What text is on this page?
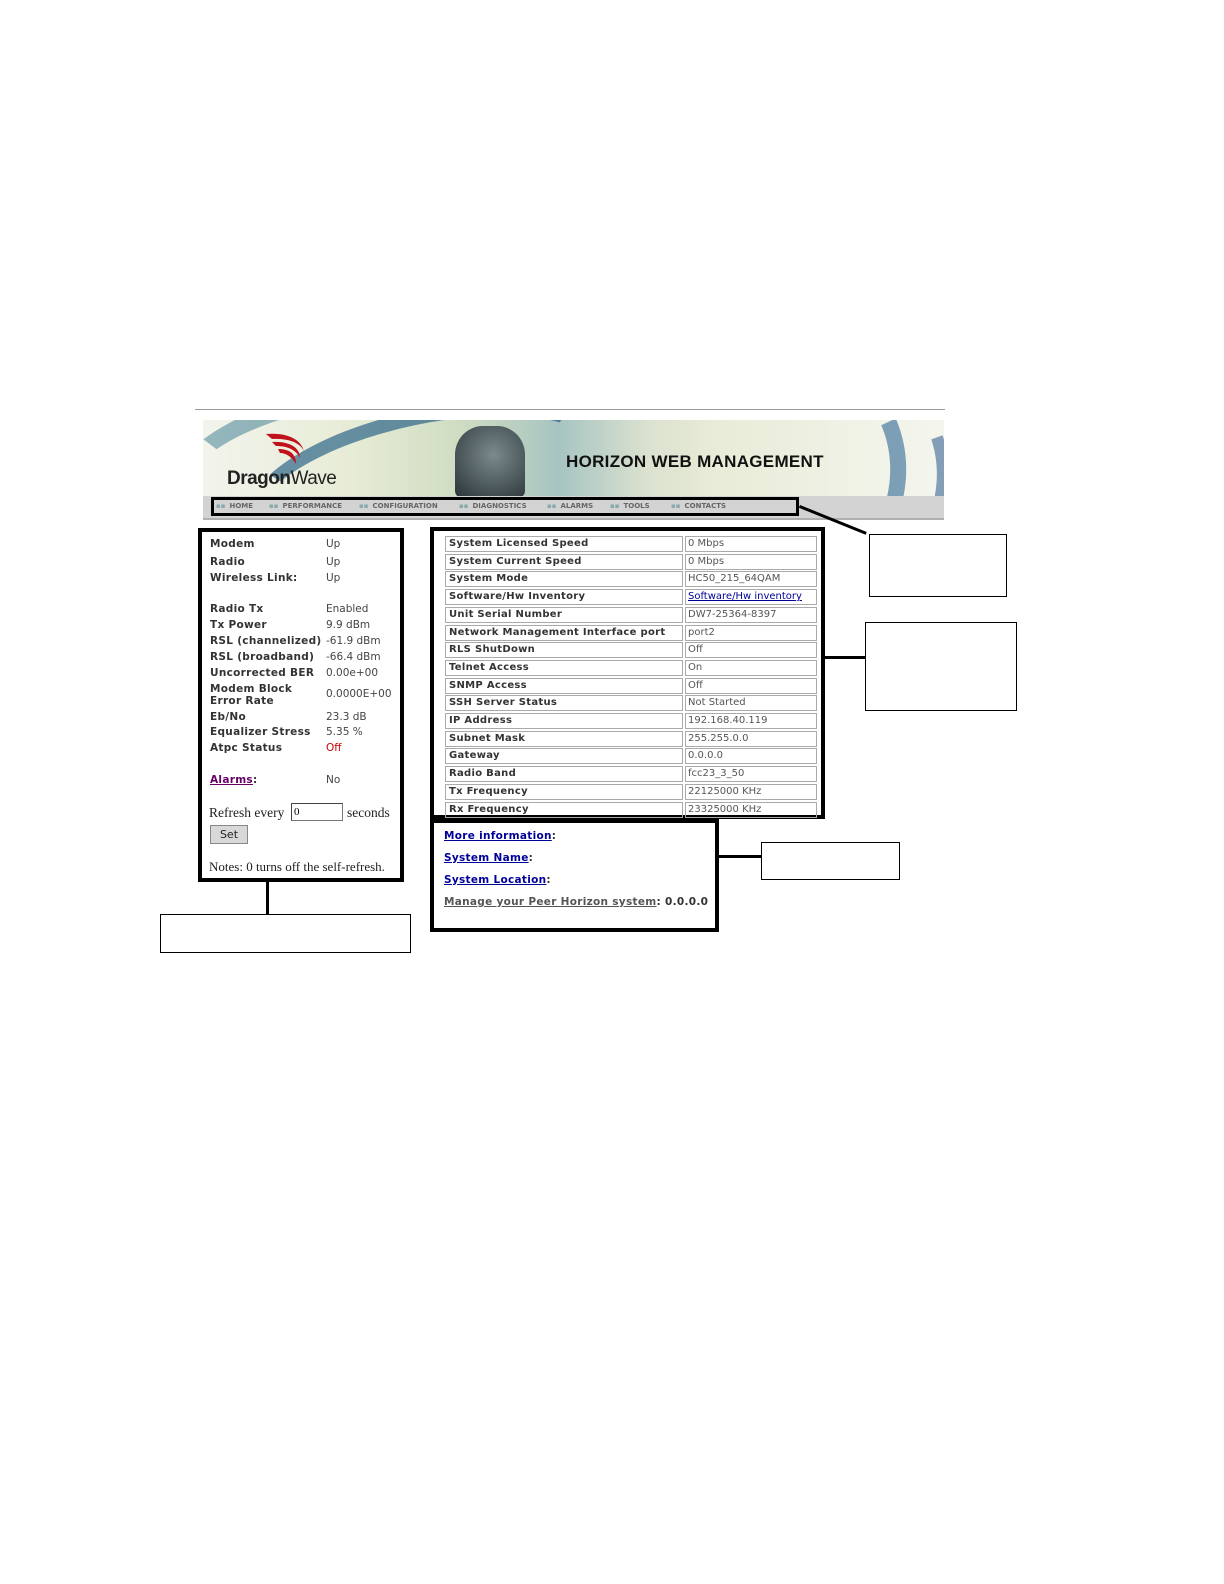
DragonWave
HORIZON WEB MANAGEMENT
▪▪ HOME ▪▪ PERFORMANCE ▪▪ CONFIGURATION	▪▪ DIAGNOSTICS	▪▪ ALARMS ▪▪ TOOLS	▪▪ CONTACTS
Modem	Up
Radio	Up
Wireless Link:	Up
Radio Tx	Enabled
Tx Power	9.9 dBm
RSL (channelized) -61.9 dBm
RSL (broadband) -66.4 dBm
Uncorrected BER 0.00e+00
Modem Block	0.0000E+00
Error Rate
Eb/No	23.3 dB
Equalizer Stress 5.35 %
Atpc Status	Off
Alarms:	No
Refresh every
0	seconds
Set
Notes: 0 turns off the self-refresh.
System Licensed Speed	0 Mbps
System Current Speed	0 Mbps
System Mode	HC50_215_64QAM
Software/Hw Inventory	Software/Hw inventory
Unit Serial Number	DW7-25364-8397
Network Management Interface port	port2
RLS ShutDown	Off
Telnet Access	On
SNMP Access	Off
SSH Server Status	Not Started
IP Address	192.168.40.119
Subnet Mask	255.255.0.0
Gateway	0.0.0.0
Radio Band	fcc23_3_50
Tx Frequency	22125000 KHz
Rx Frequency	23325000 KHz
More information:
System Name:
System Location:
Manage your Peer Horizon system: 0.0.0.0
